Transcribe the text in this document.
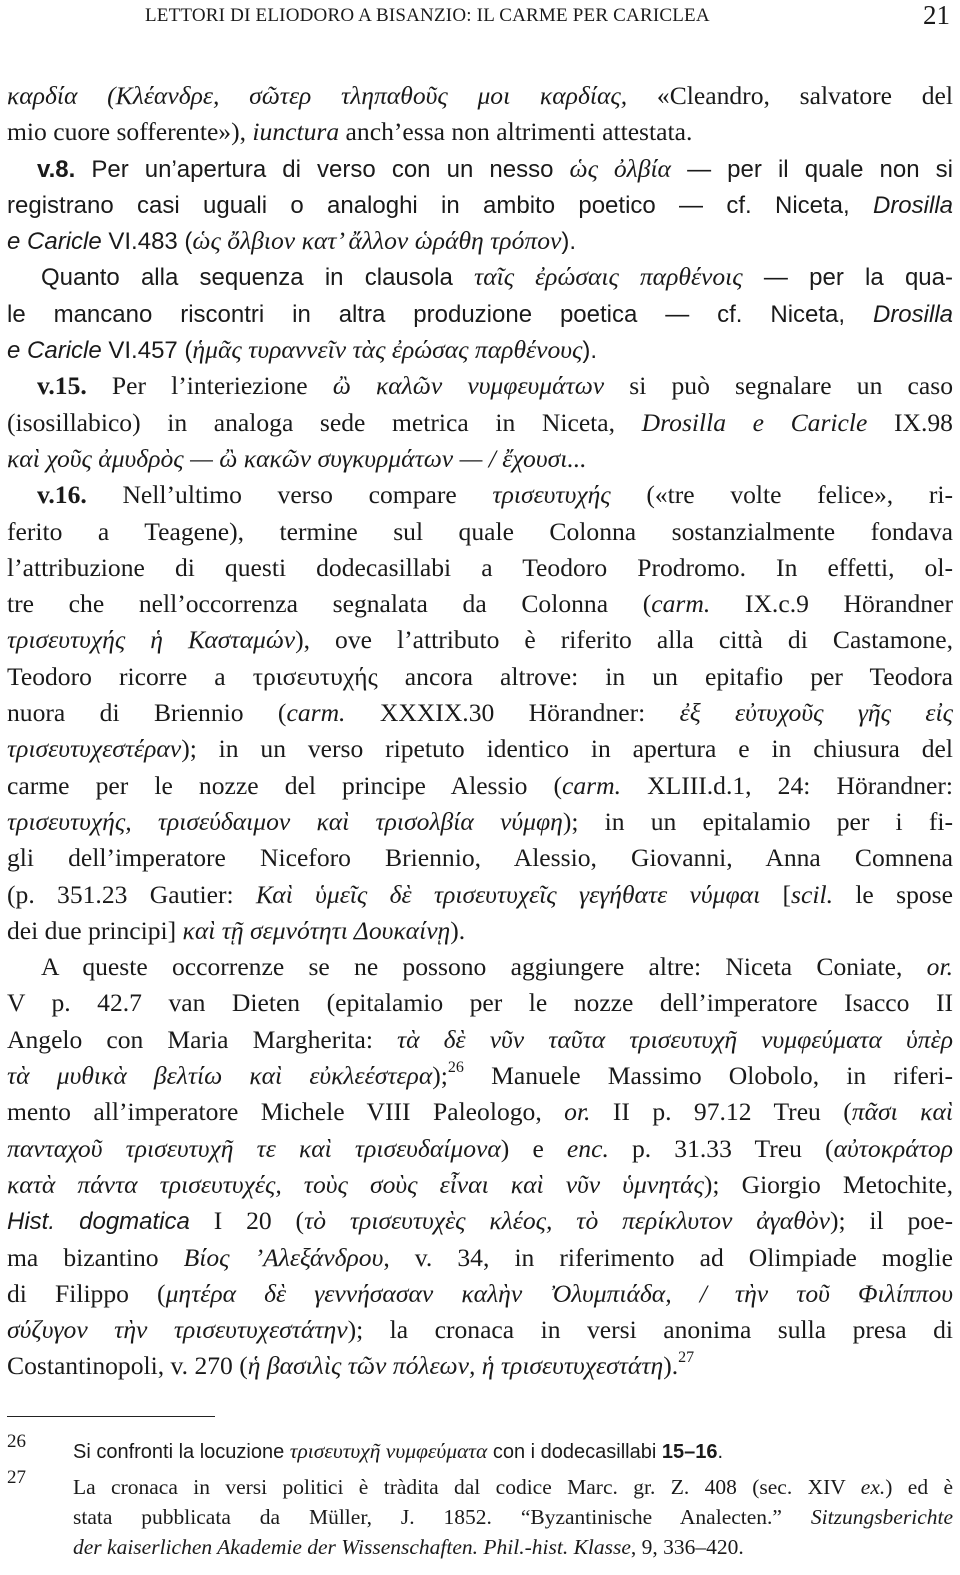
LETTORI DI ELIODORO A BISANZIO: IL CARME PER CARICLEA	21
καρδία (Κλέανδρε, σῶτερ τληπαθοῦς μοι καρδίας, «Cleandro, salvatore del
mio cuore sofferente»), iunctura anch’essa non altrimenti attestata.
v.8. Per un’apertura di verso con un nesso ὡς ὀλβία — per il quale non si
registrano casi uguali o analoghi in ambito poetico — cf. Niceta, Drosilla
e Caricle VI.483 (ὡς ὄλβιον κατ’ ἄλλον ὡράθη τρόπον).
Quanto alla sequenza in clausola ταῖς ἐρώσαις παρθένοις — per la qua-
le mancano riscontri in altra produzione poetica — cf. Niceta, Drosilla
e Caricle VI.457 (ἡμᾶς τυραννεῖν τὰς ἐρώσας παρθένους).
v.15. Per l’interiezione ὢ καλῶν νυμφευμάτων si può segnalare un caso
(isosillabico) in analoga sede metrica in Niceta, Drosilla e Caricle IX.98
καὶ χοῦς ἀμυδρὸς — ὢ κακῶν συγκυρμάτων — / ἔχουσι...
v.16. Nell’ultimo verso compare τρισευτυχής («tre volte felice», ri-
ferito a Teagene), termine sul quale Colonna sostanzialmente fondava
l’attribuzione di questi dodecasillabi a Teodoro Prodromo. In effetti, ol-
tre che nell’occorrenza segnalata da Colonna (carm. IX.c.9 Hörandner
τρισευτυχής ἡ Κασταμών), ove l’attributo è riferito alla città di Castamone,
Teodoro ricorre a τρισευτυχής ancora altrove: in un epitafio per Teodora
nuora di Briennio (carm. XXXIX.30 Hörandner: ἐξ εὐτυχοῦς γῆς εἰς
τρισευτυχεστέραν); in un verso ripetuto identico in apertura e in chiusura del
carme per le nozze del principe Alessio (carm. XLIII.d.1, 24: Hörandner:
τρισευτυχής, τρισεύδαιμον καὶ τρισολβία νύμφη); in un epitalamio per i fi-
gli dell’imperatore Niceforo Briennio, Alessio, Giovanni, Anna Comnena
(p. 351.23 Gautier: Καὶ ὑμεῖς δὲ τρισευτυχεῖς γεγήθατε νύμφαι [scil. le spose
dei due principi] καὶ τῇ σεμνότητι Δουκαίνῃ).
A queste occorrenze se ne possono aggiungere altre: Niceta Coniate, or.
V p. 42.7 van Dieten (epitalamio per le nozze dell’imperatore Isacco II
Angelo con Maria Margherita: τὰ δὲ νῦν ταῦτα τρισευτυχῆ νυμφεύματα ὑπὲρ
τὰ μυθικὰ βελτίω καὶ εὐκλεέστερα);$^{26}$ Manuele Massimo Olobolo, in riferi-
mento all’imperatore Michele VIII Paleologo, or. II p. 97.12 Treu (πᾶσι καὶ
πανταχοῦ τρισευτυχῆ τε καὶ τρισευδαίμονα) e enc. p. 31.33 Treu (αὐτοκράτορ
κατὰ πάντα τρισευτυχές, τοὺς σοὺς εἶναι καὶ νῦν ὑμνητάς); Giorgio Metochite,
Hist. dogmatica I 20 (τὸ τρισευτυχὲς κλέος, τὸ περίκλυτον ἀγαθὸν); il poe-
ma bizantino Βίος ’Αλεξάνδρου, v. 34, in riferimento ad Olimpiade moglie
di Filippo (μητέρα δὲ γεννήσασαν καλὴν Ὀλυμπιάδα, / τὴν τοῦ Φιλίππου
σύζυγον τὴν τρισευτυχεστάτην); la cronaca in versi anonima sulla presa di
Costantinopoli, v. 270 (ἡ βασιλὶς τῶν πόλεων, ἡ τρισευτυχεστάτη).$^{27}$
26 Si confronti la locuzione τρισευτυχῆ νυμφεύματα con i dodecasillabi 15–16.
27 La cronaca in versi politici è tràdita dal codice Marc. gr. Z. 408 (sec. XIV ex.) ed è
stata pubblicata da Müller, J. 1852. “Byzantinische Analecten.” Sitzungsberichte
der kaiserlichen Akademie der Wissenschaften. Phil.-hist. Klasse, 9, 336–420.
